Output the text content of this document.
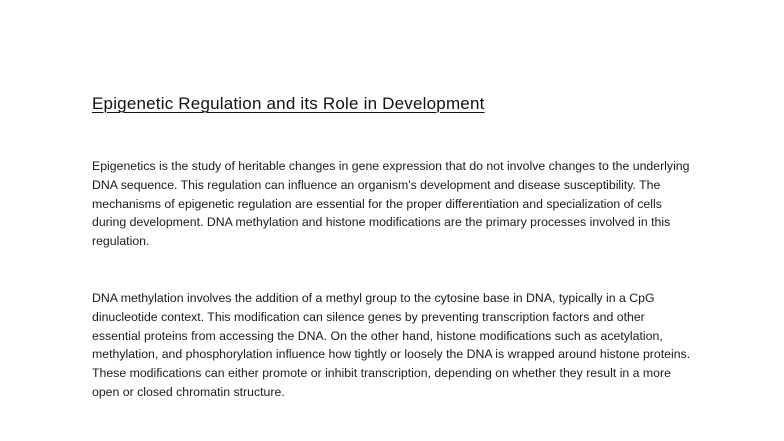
Epigenetic Regulation and its Role in Development

Epigenetics is the study of heritable changes in gene expression that do not involve changes to the underlying DNA sequence. This regulation can influence an organism's development and disease susceptibility. The mechanisms of epigenetic regulation are essential for the proper differentiation and specialization of cells during development. DNA methylation and histone modifications are the primary processes involved in this regulation.

DNA methylation involves the addition of a methyl group to the cytosine base in DNA, typically in a CpG dinucleotide context. This modification can silence genes by preventing transcription factors and other essential proteins from accessing the DNA. On the other hand, histone modifications such as acetylation, methylation, and phosphorylation influence how tightly or loosely the DNA is wrapped around histone proteins. These modifications can either promote or inhibit transcription, depending on whether they result in a more open or closed chromatin structure.
